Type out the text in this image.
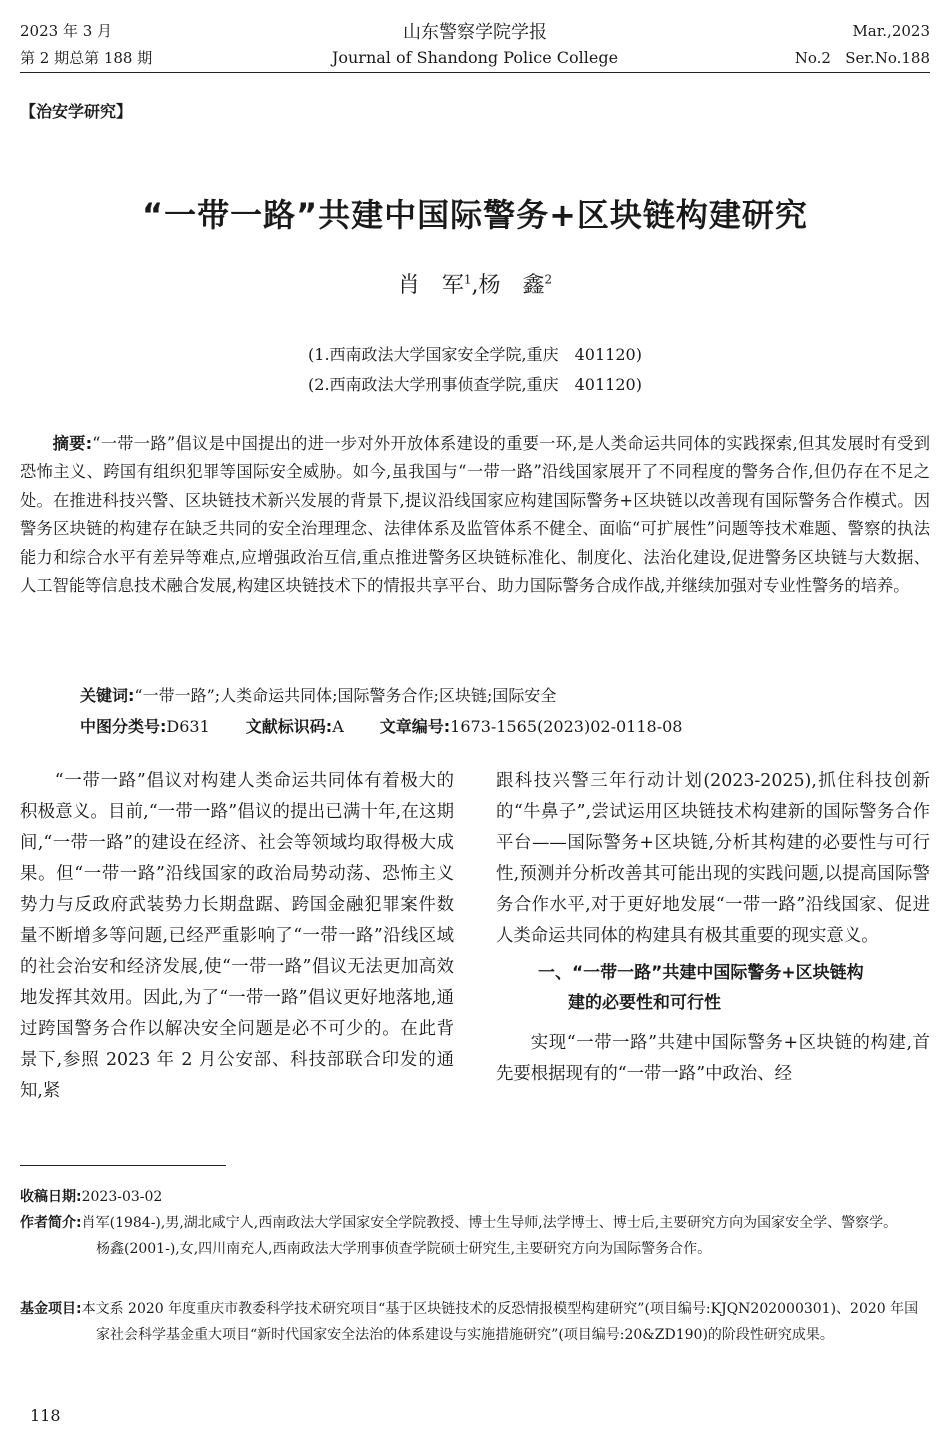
2023 年 3 月
第 2 期总第 188 期
山东警察学院学报
Journal of Shandong Police College
Mar.,2023
No.2   Ser.No.188
【治安学研究】
“一带一路”共建中国际警务+区块链构建研究
肖　军$^1$,杨　鑫$^2$
(1.西南政法大学国家安全学院,重庆　401120)
(2.西南政法大学刑事侦查学院,重庆　401120)
摘要:“一带一路”倡议是中国提出的进一步对外开放体系建设的重要一环,是人类命运共同体的实践探索,但其发展时有受到恐怖主义、跨国有组织犯罪等国际安全威胁。如今,虽我国与“一带一路”沿线国家展开了不同程度的警务合作,但仍存在不足之处。在推进科技兴警、区块链技术新兴发展的背景下,提议沿线国家应构建国际警务+区块链以改善现有国际警务合作模式。因警务区块链的构建存在缺乏共同的安全治理理念、法律体系及监管体系不健全、面临“可扩展性”问题等技术难题、警察的执法能力和综合水平有差异等难点,应增强政治互信,重点推进警务区块链标准化、制度化、法治化建设,促进警务区块链与大数据、人工智能等信息技术融合发展,构建区块链技术下的情报共享平台、助力国际警务合成作战,并继续加强对专业性警务的培养。
关键词:“一带一路”;人类命运共同体;国际警务合作;区块链;国际安全
中图分类号:D631 文献标识码:A 文章编号:1673-1565(2023)02-0118-08

“一带一路”倡议对构建人类命运共同体有着极大的积极意义。目前,“一带一路”倡议的提出已满十年,在这期间,“一带一路”的建设在经济、社会等领域均取得极大成果。但“一带一路”沿线国家的政治局势动荡、恐怖主义势力与反政府武装势力长期盘踞、跨国金融犯罪案件数量不断增多等问题,已经严重影响了“一带一路”沿线区域的社会治安和经济发展,使“一带一路”倡议无法更加高效地发挥其效用。因此,为了“一带一路”倡议更好地落地,通过跨国警务合作以解决安全问题是必不可少的。在此背景下,参照 2023 年 2 月公安部、科技部联合印发的通知,紧

跟科技兴警三年行动计划(2023-2025),抓住科技创新的“牛鼻子”,尝试运用区块链技术构建新的国际警务合作平台——国际警务+区块链,分析其构建的必要性与可行性,预测并分析改善其可能出现的实践问题,以提高国际警务合作水平,对于更好地发展“一带一路”沿线国家、促进人类命运共同体的构建具有极其重要的现实意义。

一、“一带一路”共建中国际警务+区块链构
建的必要性和可行性

实现“一带一路”共建中国际警务+区块链的构建,首先要根据现有的“一带一路”中政治、经

收稿日期:2023-03-02
作者简介:肖军(1984-),男,湖北咸宁人,西南政法大学国家安全学院教授、博士生导师,法学博士、博士后,主要研究方向为国家安全学、警察学。
杨鑫(2001-),女,四川南充人,西南政法大学刑事侦查学院硕士研究生,主要研究方向为国际警务合作。
基金项目:本文系 2020 年度重庆市教委科学技术研究项目“基于区块链技术的反恐情报模型构建研究”(项目编号:KJQN202000301)、2020 年国家社会科学基金重大项目“新时代国家安全法治的体系建设与实施措施研究”(项目编号:20&ZD190)的阶段性研究成果。
118
